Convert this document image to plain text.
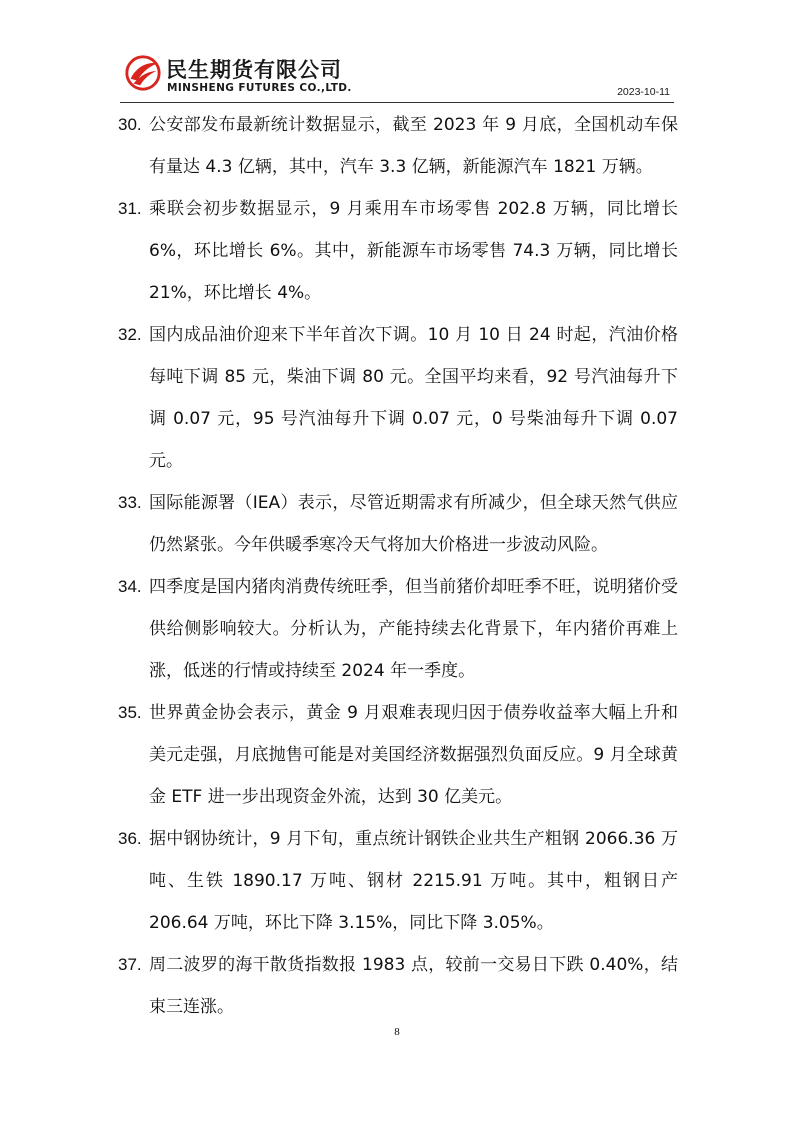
民生期货有限公司
MINSHENG FUTURES CO.,LTD.	2023-10-11

30. 公安部发布最新统计数据显示，截至 2023 年 9 月底，全国机动车保有量达 4.3 亿辆，其中，汽车 3.3 亿辆，新能源汽车 1821 万辆。

31. 乘联会初步数据显示，9 月乘用车市场零售 202.8 万辆，同比增长 6%，环比增长 6%。其中，新能源车市场零售 74.3 万辆，同比增长 21%，环比增长 4%。

32. 国内成品油价迎来下半年首次下调。10 月 10 日 24 时起，汽油价格每吨下调 85 元，柴油下调 80 元。全国平均来看，92 号汽油每升下调 0.07 元，95 号汽油每升下调 0.07 元，0 号柴油每升下调 0.07 元。

33. 国际能源署（IEA）表示，尽管近期需求有所减少，但全球天然气供应仍然紧张。今年供暖季寒冷天气将加大价格进一步波动风险。

34. 四季度是国内猪肉消费传统旺季，但当前猪价却旺季不旺，说明猪价受供给侧影响较大。分析认为，产能持续去化背景下，年内猪价再难上涨，低迷的行情或持续至 2024 年一季度。

35. 世界黄金协会表示，黄金 9 月艰难表现归因于债券收益率大幅上升和美元走强，月底抛售可能是对美国经济数据强烈负面反应。9 月全球黄金 ETF 进一步出现资金外流，达到 30 亿美元。

36. 据中钢协统计，9 月下旬，重点统计钢铁企业共生产粗钢 2066.36 万吨、生铁 1890.17 万吨、钢材 2215.91 万吨。其中，粗钢日产 206.64 万吨，环比下降 3.15%，同比下降 3.05%。

37. 周二波罗的海干散货指数报 1983 点，较前一交易日下跌 0.40%，结束三连涨。

8
